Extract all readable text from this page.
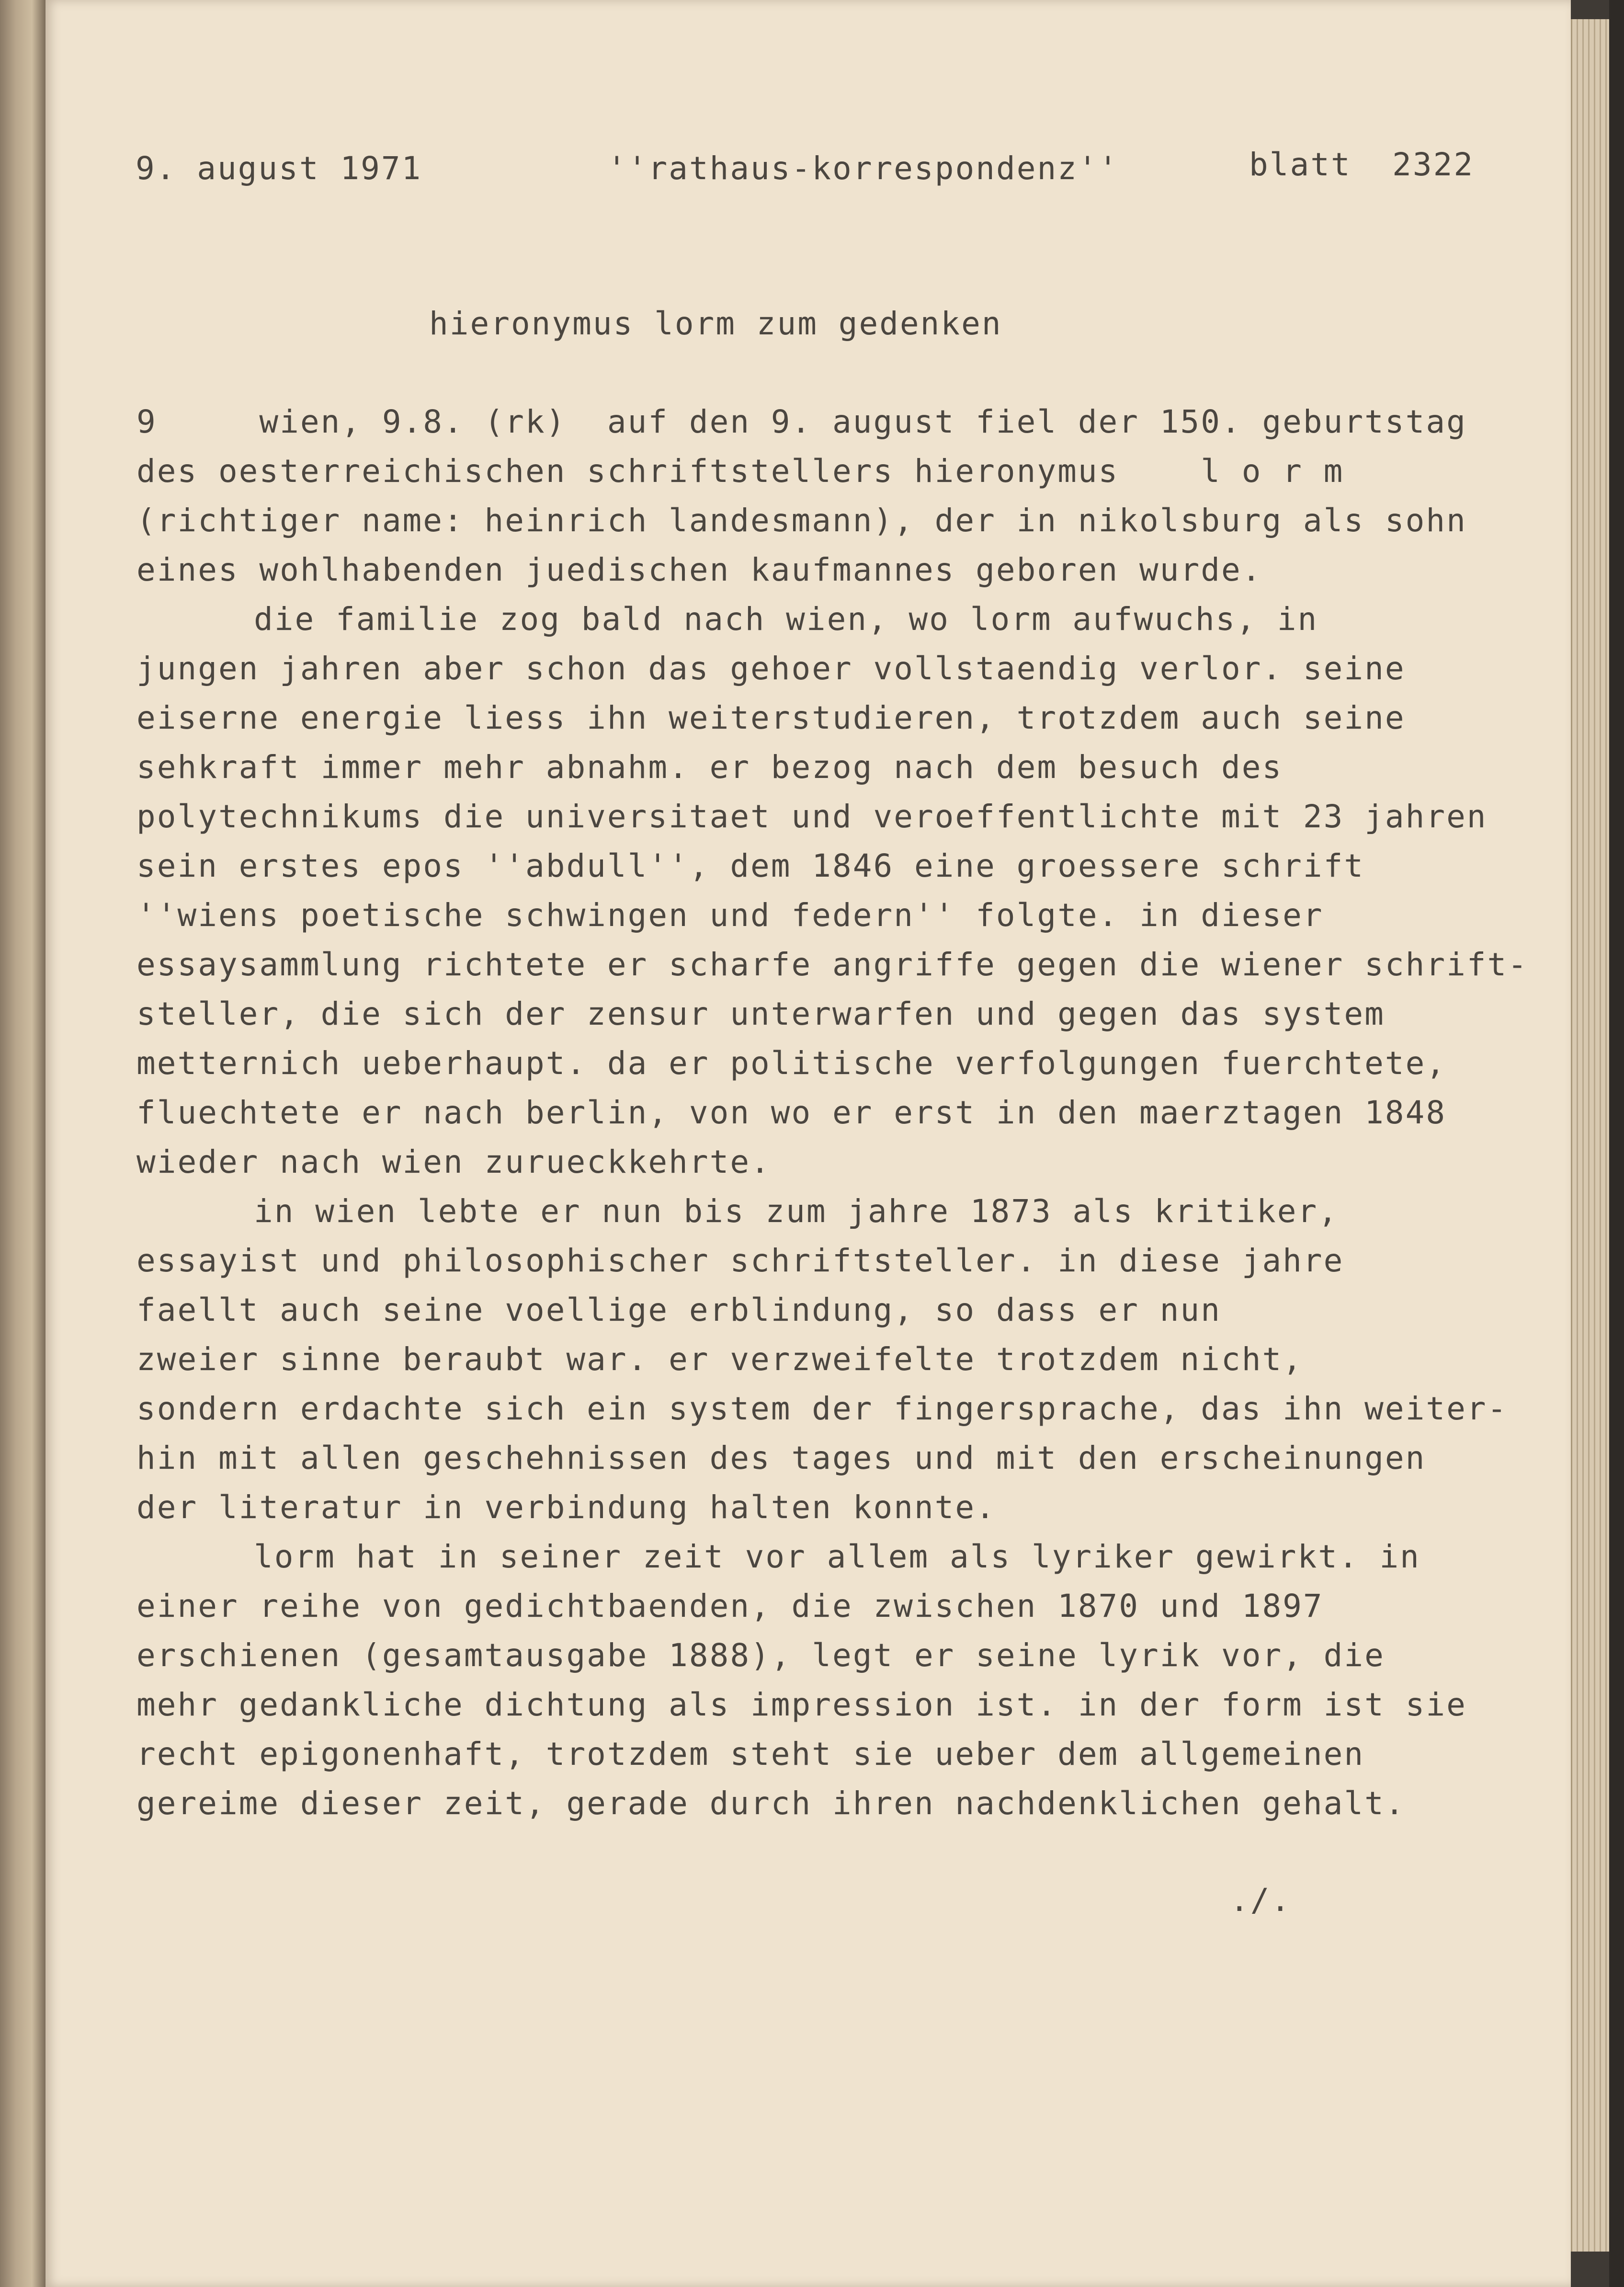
9. august 1971	''rathaus-korrespondenz''	blatt  2322

hieronymus lorm zum gedenken

9     wien, 9.8. (rk)  auf den 9. august fiel der 150. geburtstag

des oesterreichischen schriftstellers hieronymus    l o r m

(richtiger name: heinrich landesmann), der in nikolsburg als sohn

eines wohlhabenden juedischen kaufmannes geboren wurde.

die familie zog bald nach wien, wo lorm aufwuchs, in

jungen jahren aber schon das gehoer vollstaendig verlor. seine

eiserne energie liess ihn weiterstudieren, trotzdem auch seine

sehkraft immer mehr abnahm. er bezog nach dem besuch des

polytechnikums die universitaet und veroeffentlichte mit 23 jahren

sein erstes epos ''abdull'', dem 1846 eine groessere schrift

''wiens poetische schwingen und federn'' folgte. in dieser

essaysammlung richtete er scharfe angriffe gegen die wiener schrift-

steller, die sich der zensur unterwarfen und gegen das system

metternich ueberhaupt. da er politische verfolgungen fuerchtete,

fluechtete er nach berlin, von wo er erst in den maerztagen 1848

wieder nach wien zurueckkehrte.

in wien lebte er nun bis zum jahre 1873 als kritiker,

essayist und philosophischer schriftsteller. in diese jahre

faellt auch seine voellige erblindung, so dass er nun

zweier sinne beraubt war. er verzweifelte trotzdem nicht,

sondern erdachte sich ein system der fingersprache, das ihn weiter-

hin mit allen geschehnissen des tages und mit den erscheinungen

der literatur in verbindung halten konnte.

lorm hat in seiner zeit vor allem als lyriker gewirkt. in

einer reihe von gedichtbaenden, die zwischen 1870 und 1897

erschienen (gesamtausgabe 1888), legt er seine lyrik vor, die

mehr gedankliche dichtung als impression ist. in der form ist sie

recht epigonenhaft, trotzdem steht sie ueber dem allgemeinen

gereime dieser zeit, gerade durch ihren nachdenklichen gehalt.

./.
